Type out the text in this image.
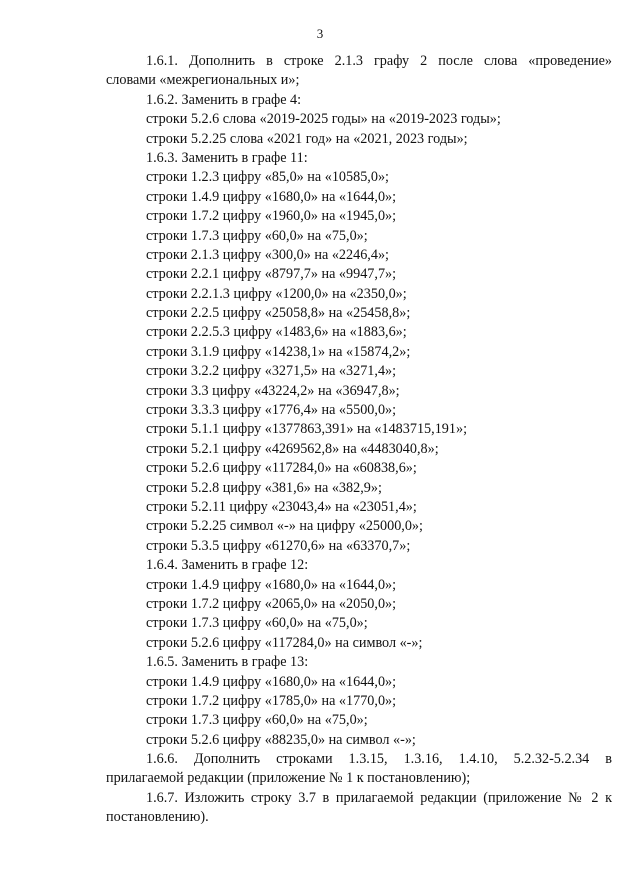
3
1.6.1. Дополнить в строке 2.1.3 графу 2 после слова «проведение»
словами «межрегиональных и»;
1.6.2. Заменить в графе 4:
строки 5.2.6 слова «2019-2025 годы» на «2019-2023 годы»;
строки 5.2.25 слова «2021 год» на «2021, 2023 годы»;
1.6.3. Заменить в графе 11:
строки 1.2.3 цифру «85,0» на «10585,0»;
строки 1.4.9 цифру «1680,0» на «1644,0»;
строки 1.7.2 цифру «1960,0» на «1945,0»;
строки 1.7.3 цифру «60,0» на «75,0»;
строки 2.1.3 цифру «300,0» на «2246,4»;
строки 2.2.1 цифру «8797,7» на «9947,7»;
строки 2.2.1.3 цифру «1200,0» на «2350,0»;
строки 2.2.5 цифру «25058,8» на «25458,8»;
строки 2.2.5.3 цифру «1483,6» на «1883,6»;
строки 3.1.9 цифру «14238,1» на «15874,2»;
строки 3.2.2 цифру «3271,5» на «3271,4»;
строки 3.3 цифру «43224,2» на «36947,8»;
строки 3.3.3 цифру «1776,4» на «5500,0»;
строки 5.1.1 цифру «1377863,391» на «1483715,191»;
строки 5.2.1 цифру «4269562,8» на «4483040,8»;
строки 5.2.6 цифру «117284,0» на «60838,6»;
строки 5.2.8 цифру «381,6» на «382,9»;
строки 5.2.11 цифру «23043,4» на «23051,4»;
строки 5.2.25 символ «-» на цифру «25000,0»;
строки 5.3.5 цифру «61270,6» на «63370,7»;
1.6.4. Заменить в графе 12:
строки 1.4.9 цифру «1680,0» на «1644,0»;
строки 1.7.2 цифру «2065,0» на «2050,0»;
строки 1.7.3 цифру «60,0» на «75,0»;
строки 5.2.6 цифру «117284,0» на символ «-»;
1.6.5. Заменить в графе 13:
строки 1.4.9 цифру «1680,0» на «1644,0»;
строки 1.7.2 цифру «1785,0» на «1770,0»;
строки 1.7.3 цифру «60,0» на «75,0»;
строки 5.2.6 цифру «88235,0» на символ «-»;
1.6.6. Дополнить строками 1.3.15, 1.3.16, 1.4.10, 5.2.32-5.2.34 в
прилагаемой редакции (приложение № 1 к постановлению);
1.6.7. Изложить строку 3.7 в прилагаемой редакции (приложение № 2 к
постановлению).
